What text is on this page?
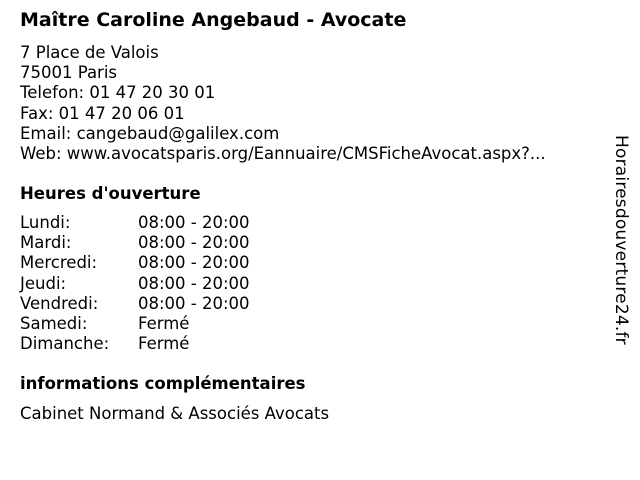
Maître Caroline Angebaud - Avocate
7 Place de Valois
75001 Paris
Telefon: 01 47 20 30 01
Fax: 01 47 20 06 01
Email: cangebaud@galilex.com
Web: www.avocatsparis.org/Eannuaire/CMSFicheAvocat.aspx?...
Heures d'ouverture
Lundi:	08:00 - 20:00
Mardi:	08:00 - 20:00
Mercredi:	08:00 - 20:00
Jeudi:	08:00 - 20:00
Vendredi:	08:00 - 20:00
Samedi:	Fermé
Dimanche:	Fermé
informations complémentaires
Cabinet Normand & Associés Avocats
Horairesdouverture24.fr
